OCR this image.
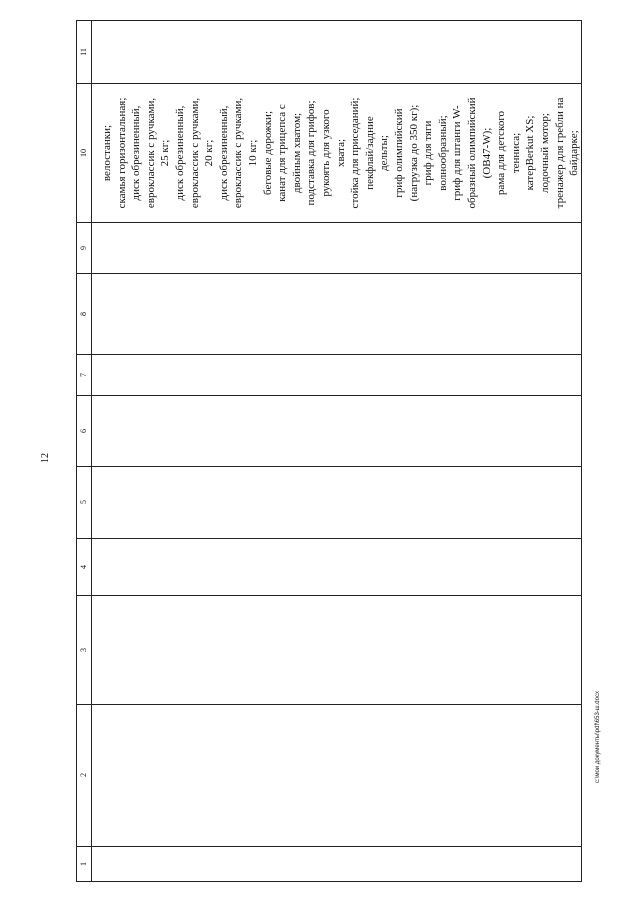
12
c:\мои документы\pdf\653-ш.docx
1
2
3
4
5
6
7
8
9
10
11
велостанки; скамья горизонтальная; диск обрезиненный, евроклассик с ручками, 25 кг; диск обрезиненный, евроклассик с ручками, 20 кг; диск обрезиненный, евроклассик с ручками, 10 кг; беговые дорожки; канат для трицепса с двойным хватом; подставка для грифов; рукоять для узкого хвата; стойка для приседаний; пекфлай/задние дельты; гриф олимпийский (нагрузка до 350 кг); гриф для тяги волнообразный; гриф для штанги W- образный олимпийский (OB47-W); рама для детского тенниса; катерBerkut XS; лодочный мотор; тренажер для гребли на байдарке;
